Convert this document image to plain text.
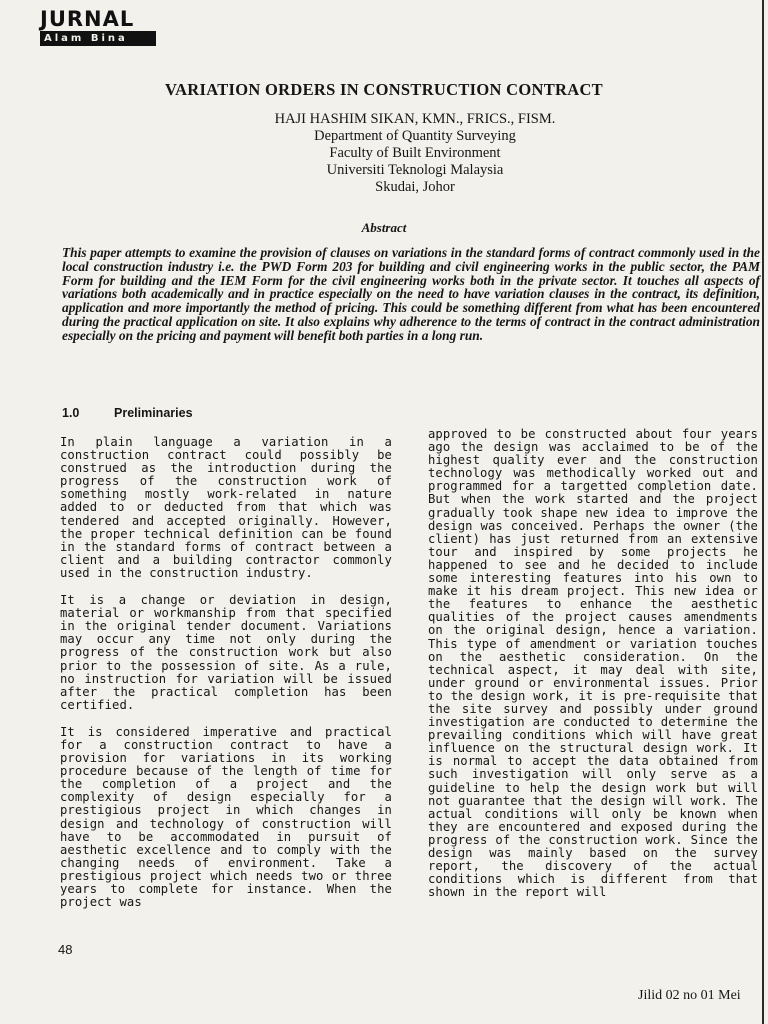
JURNAL
Alam Bina
VARIATION ORDERS IN CONSTRUCTION CONTRACT
HAJI HASHIM SIKAN, KMN., FRICS., FISM.
Department of Quantity Surveying
Faculty of Built Environment
Universiti Teknologi Malaysia
Skudai, Johor
Abstract
This paper attempts to examine the provision of clauses on variations in the standard forms of contract commonly used in the local construction industry i.e. the PWD Form 203 for building and civil engineering works in the public sector, the PAM Form for building and the IEM Form for the civil engineering works both in the private sector. It touches all aspects of variations both academically and in practice especially on the need to have variation clauses in the contract, its definition, application and more importantly the method of pricing. This could be something different from what has been encountered during the practical application on site. It also explains why adherence to the terms of contract in the contract administration especially on the pricing and payment will benefit both parties in a long run.
1.0	Preliminaries

In plain language a variation in a construction contract could possibly be construed as the introduction during the progress of the construction work of something mostly work-related in nature added to or deducted from that which was tendered and accepted originally. However, the proper technical definition can be found in the standard forms of contract between a client and a building contractor commonly used in the construction industry.

It is a change or deviation in design, material or workmanship from that specified in the original tender document. Variations may occur any time not only during the progress of the construction work but also prior to the possession of site. As a rule, no instruction for variation will be issued after the practical completion has been certified.

It is considered imperative and practical for a construction contract to have a provision for variations in its working procedure because of the length of time for the completion of a project and the complexity of design especially for a prestigious project in which changes in design and technology of construction will have to be accommodated in pursuit of aesthetic excellence and to comply with the changing needs of environment. Take a prestigious project which needs two or three years to complete for instance. When the project was

approved to be constructed about four years ago the design was acclaimed to be of the highest quality ever and the construction technology was methodically worked out and programmed for a targetted completion date. But when the work started and the project gradually took shape new idea to improve the design was conceived. Perhaps the owner (the client) has just returned from an extensive tour and inspired by some projects he happened to see and he decided to include some interesting features into his own to make it his dream project. This new idea or the features to enhance the aesthetic qualities of the project causes amendments on the original design, hence a variation. This type of amendment or variation touches on the aesthetic consideration. On the technical aspect, it may deal with site, under ground or environmental issues. Prior to the design work, it is pre-requisite that the site survey and possibly under ground investigation are conducted to determine the prevailing conditions which will have great influence on the structural design work. It is normal to accept the data obtained from such investigation will only serve as a guideline to help the design work but will not guarantee that the design will work. The actual conditions will only be known when they are encountered and exposed during the progress of the construction work. Since the design was mainly based on the survey report, the discovery of the actual conditions which is different from that shown in the report will

48
Jilid 02 no 01 Mei
